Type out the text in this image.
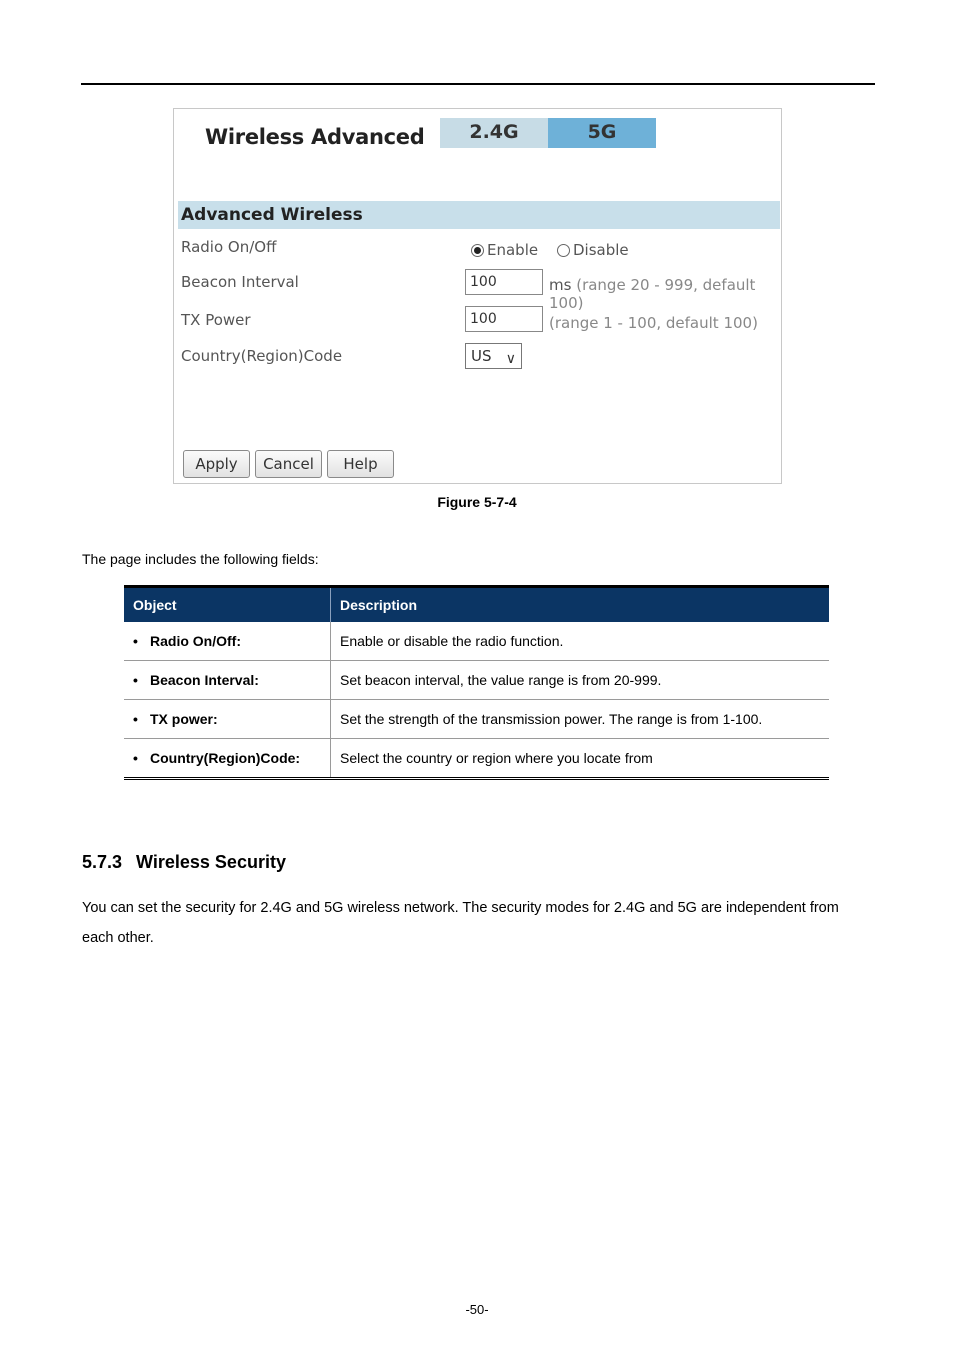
Wireless Advanced	2.4G	5G
Advanced Wireless
Radio On/Off	Enable Disable
Beacon Interval	100	ms (range 20 - 999, default 100)
TX Power	100	(range 1 - 100, default 100)
Country(Region)Code	US ∨
Apply	Cancel	Help
Figure 5-7-4
The page includes the following fields:
Object	Description
• Radio On/Off:	Enable or disable the radio function.
• Beacon Interval:	Set beacon interval, the value range is from 20-999.
• TX power:	Set the strength of the transmission power. The range is from 1-100.
• Country(Region)Code:	Select the country or region where you locate from
5.7.3 Wireless Security
You can set the security for 2.4G and 5G wireless network. The security modes for 2.4G and 5G are independent from each other.
-50-
